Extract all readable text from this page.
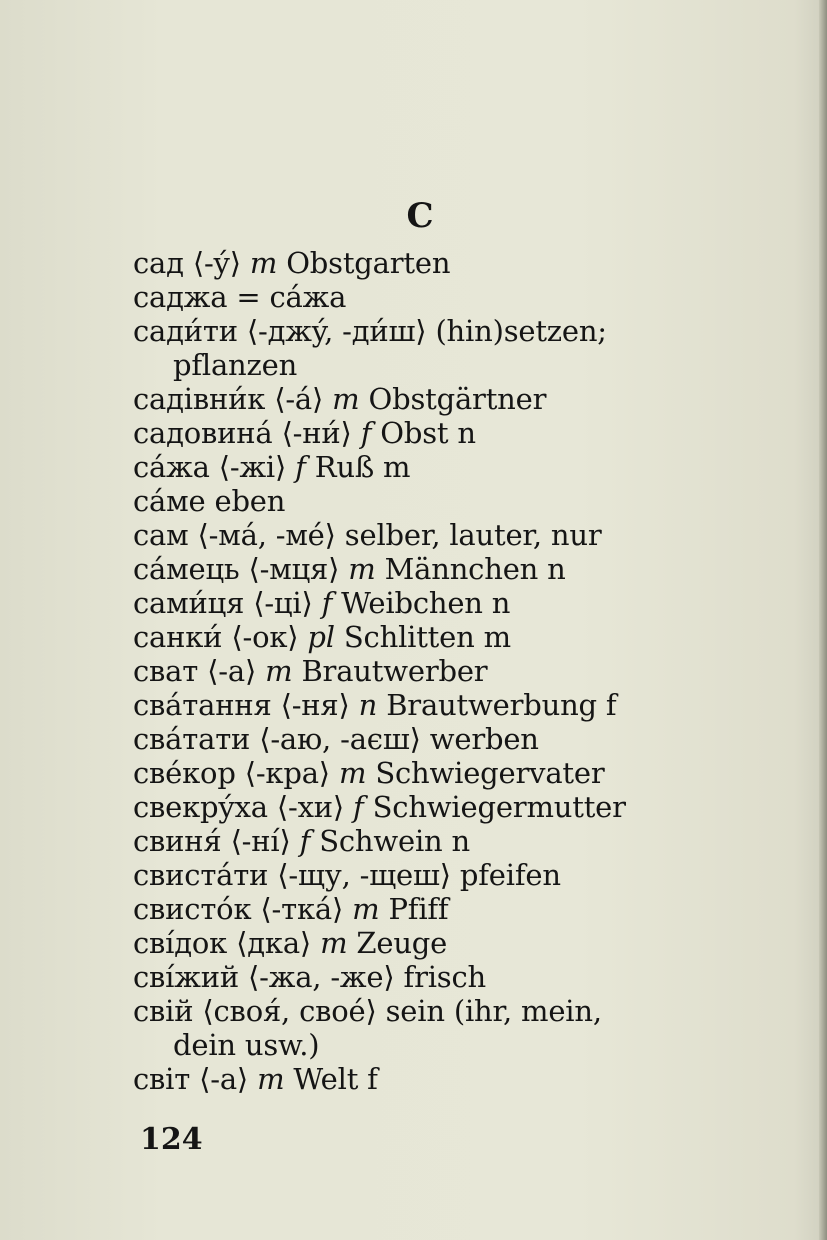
С
сад ⟨-ý⟩ m Obstgarten
саджа = cáжа
сади́ти ⟨-джý, -ди́ш⟩ (hin)setzen;
pflanzen
садівни́к ⟨-á⟩ m Obstgärtner
садовина́ ⟨-ни́⟩ f Obst n
сáжа ⟨-жі⟩ f Ruß m
сáме eben
сам ⟨-мá, -мé⟩ selber, lauter, nur
сáмець ⟨-мця⟩ m Männchen n
сами́ця ⟨-ці⟩ f Weibchen n
санки́ ⟨-ок⟩ pl Schlitten m
сват ⟨-а⟩ m Brautwerber
свáтання ⟨-ня⟩ n Brautwerbung f
свáтати ⟨-аю, -аєш⟩ werben
свéкор ⟨-кра⟩ m Schwiegervater
свекрýха ⟨-хи⟩ f Schwiegermutter
свиня́ ⟨-ні́⟩ f Schwein n
свистáти ⟨-щу, -щеш⟩ pfeifen
свистóк ⟨-ткá⟩ m Pfiff
свíдок ⟨дка⟩ m Zeuge
свíжий ⟨-жа, -же⟩ frisch
свій ⟨своя́, своé⟩ sein (ihr, mein,
dein usw.)
світ ⟨-а⟩ m Welt f
124
